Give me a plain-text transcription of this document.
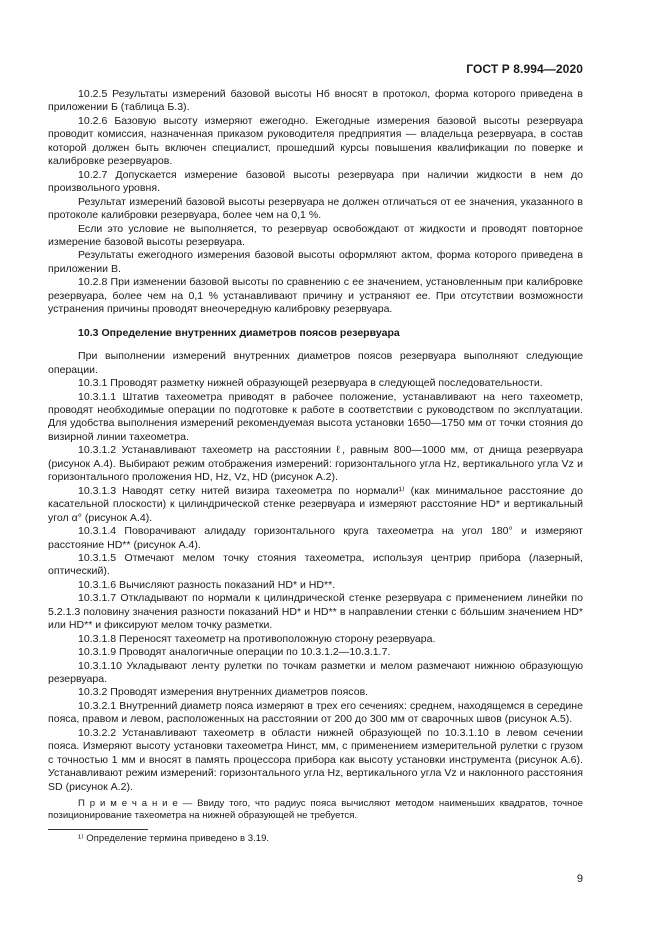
ГОСТ Р 8.994—2020

10.2.5 Результаты измерений базовой высоты Hб вносят в протокол, форма которого приведена в приложении Б (таблица Б.3).

10.2.6 Базовую высоту измеряют ежегодно. Ежегодные измерения базовой высоты резервуара проводит комиссия, назначенная приказом руководителя предприятия — владельца резервуара, в состав которой должен быть включен специалист, прошедший курсы повышения квалификации по поверке и калибровке резервуаров.

10.2.7 Допускается измерение базовой высоты резервуара при наличии жидкости в нем до произвольного уровня.

Результат измерений базовой высоты резервуара не должен отличаться от ее значения, указанного в протоколе калибровки резервуара, более чем на 0,1 %.

Если это условие не выполняется, то резервуар освобождают от жидкости и проводят повторное измерение базовой высоты резервуара.

Результаты ежегодного измерения базовой высоты оформляют актом, форма которого приведена в приложении В.

10.2.8 При изменении базовой высоты по сравнению с ее значением, установленным при калибровке резервуара, более чем на 0,1 % устанавливают причину и устраняют ее. При отсутствии возможности устранения причины проводят внеочередную калибровку резервуара.

10.3 Определение внутренних диаметров поясов резервуара

При выполнении измерений внутренних диаметров поясов резервуара выполняют следующие операции.

10.3.1 Проводят разметку нижней образующей резервуара в следующей последовательности.

10.3.1.1 Штатив тахеометра приводят в рабочее положение, устанавливают на него тахеометр, проводят необходимые операции по подготовке к работе в соответствии с руководством по эксплуатации. Для удобства выполнения измерений рекомендуемая высота установки 1650—1750 мм от точки стояния до визирной линии тахеометра.

10.3.1.2 Устанавливают тахеометр на расстоянии ℓ, равным 800—1000 мм, от днища резервуара (рисунок А.4). Выбирают режим отображения измерений: горизонтального угла Hz, вертикального угла Vz и горизонтального проложения HD, Hz, Vz, HD (рисунок А.2).

10.3.1.3 Наводят сетку нитей визира тахеометра по нормали¹⁾ (как минимальное расстояние до касательной плоскости) к цилиндрической стенке резервуара и измеряют расстояние HD* и вертикальный угол α° (рисунок А.4).

10.3.1.4 Поворачивают алидаду горизонтального круга тахеометра на угол 180° и измеряют расстояние HD** (рисунок А.4).

10.3.1.5 Отмечают мелом точку стояния тахеометра, используя центрир прибора (лазерный, оптический).

10.3.1.6 Вычисляют разность показаний HD* и HD**.

10.3.1.7 Откладывают по нормали к цилиндрической стенке резервуара с применением линейки по 5.2.1.3 половину значения разности показаний HD* и HD** в направлении стенки с бо́льшим значением HD* или HD** и фиксируют мелом точку разметки.

10.3.1.8 Переносят тахеометр на противоположную сторону резервуара.

10.3.1.9 Проводят аналогичные операции по 10.3.1.2—10.3.1.7.

10.3.1.10 Укладывают ленту рулетки по точкам разметки и мелом размечают нижнюю образующую резервуара.

10.3.2 Проводят измерения внутренних диаметров поясов.

10.3.2.1 Внутренний диаметр пояса измеряют в трех его сечениях: среднем, находящемся в середине пояса, правом и левом, расположенных на расстоянии от 200 до 300 мм от сварочных швов (рисунок А.5).

10.3.2.2 Устанавливают тахеометр в области нижней образующей по 10.3.1.10 в левом сечении пояса. Измеряют высоту установки тахеометра Hинст, мм, с применением измерительной рулетки с грузом с точностью 1 мм и вносят в память процессора прибора как высоту установки инструмента (рисунок А.6). Устанавливают режим измерений: горизонтального угла Hz, вертикального угла Vz и наклонного расстояния SD (рисунок А.2).

П р и м е ч а н и е — Ввиду того, что радиус пояса вычисляют методом наименьших квадратов, точное позиционирование тахеометра на нижней образующей не требуется.

¹⁾ Определение термина приведено в 3.19.

9
